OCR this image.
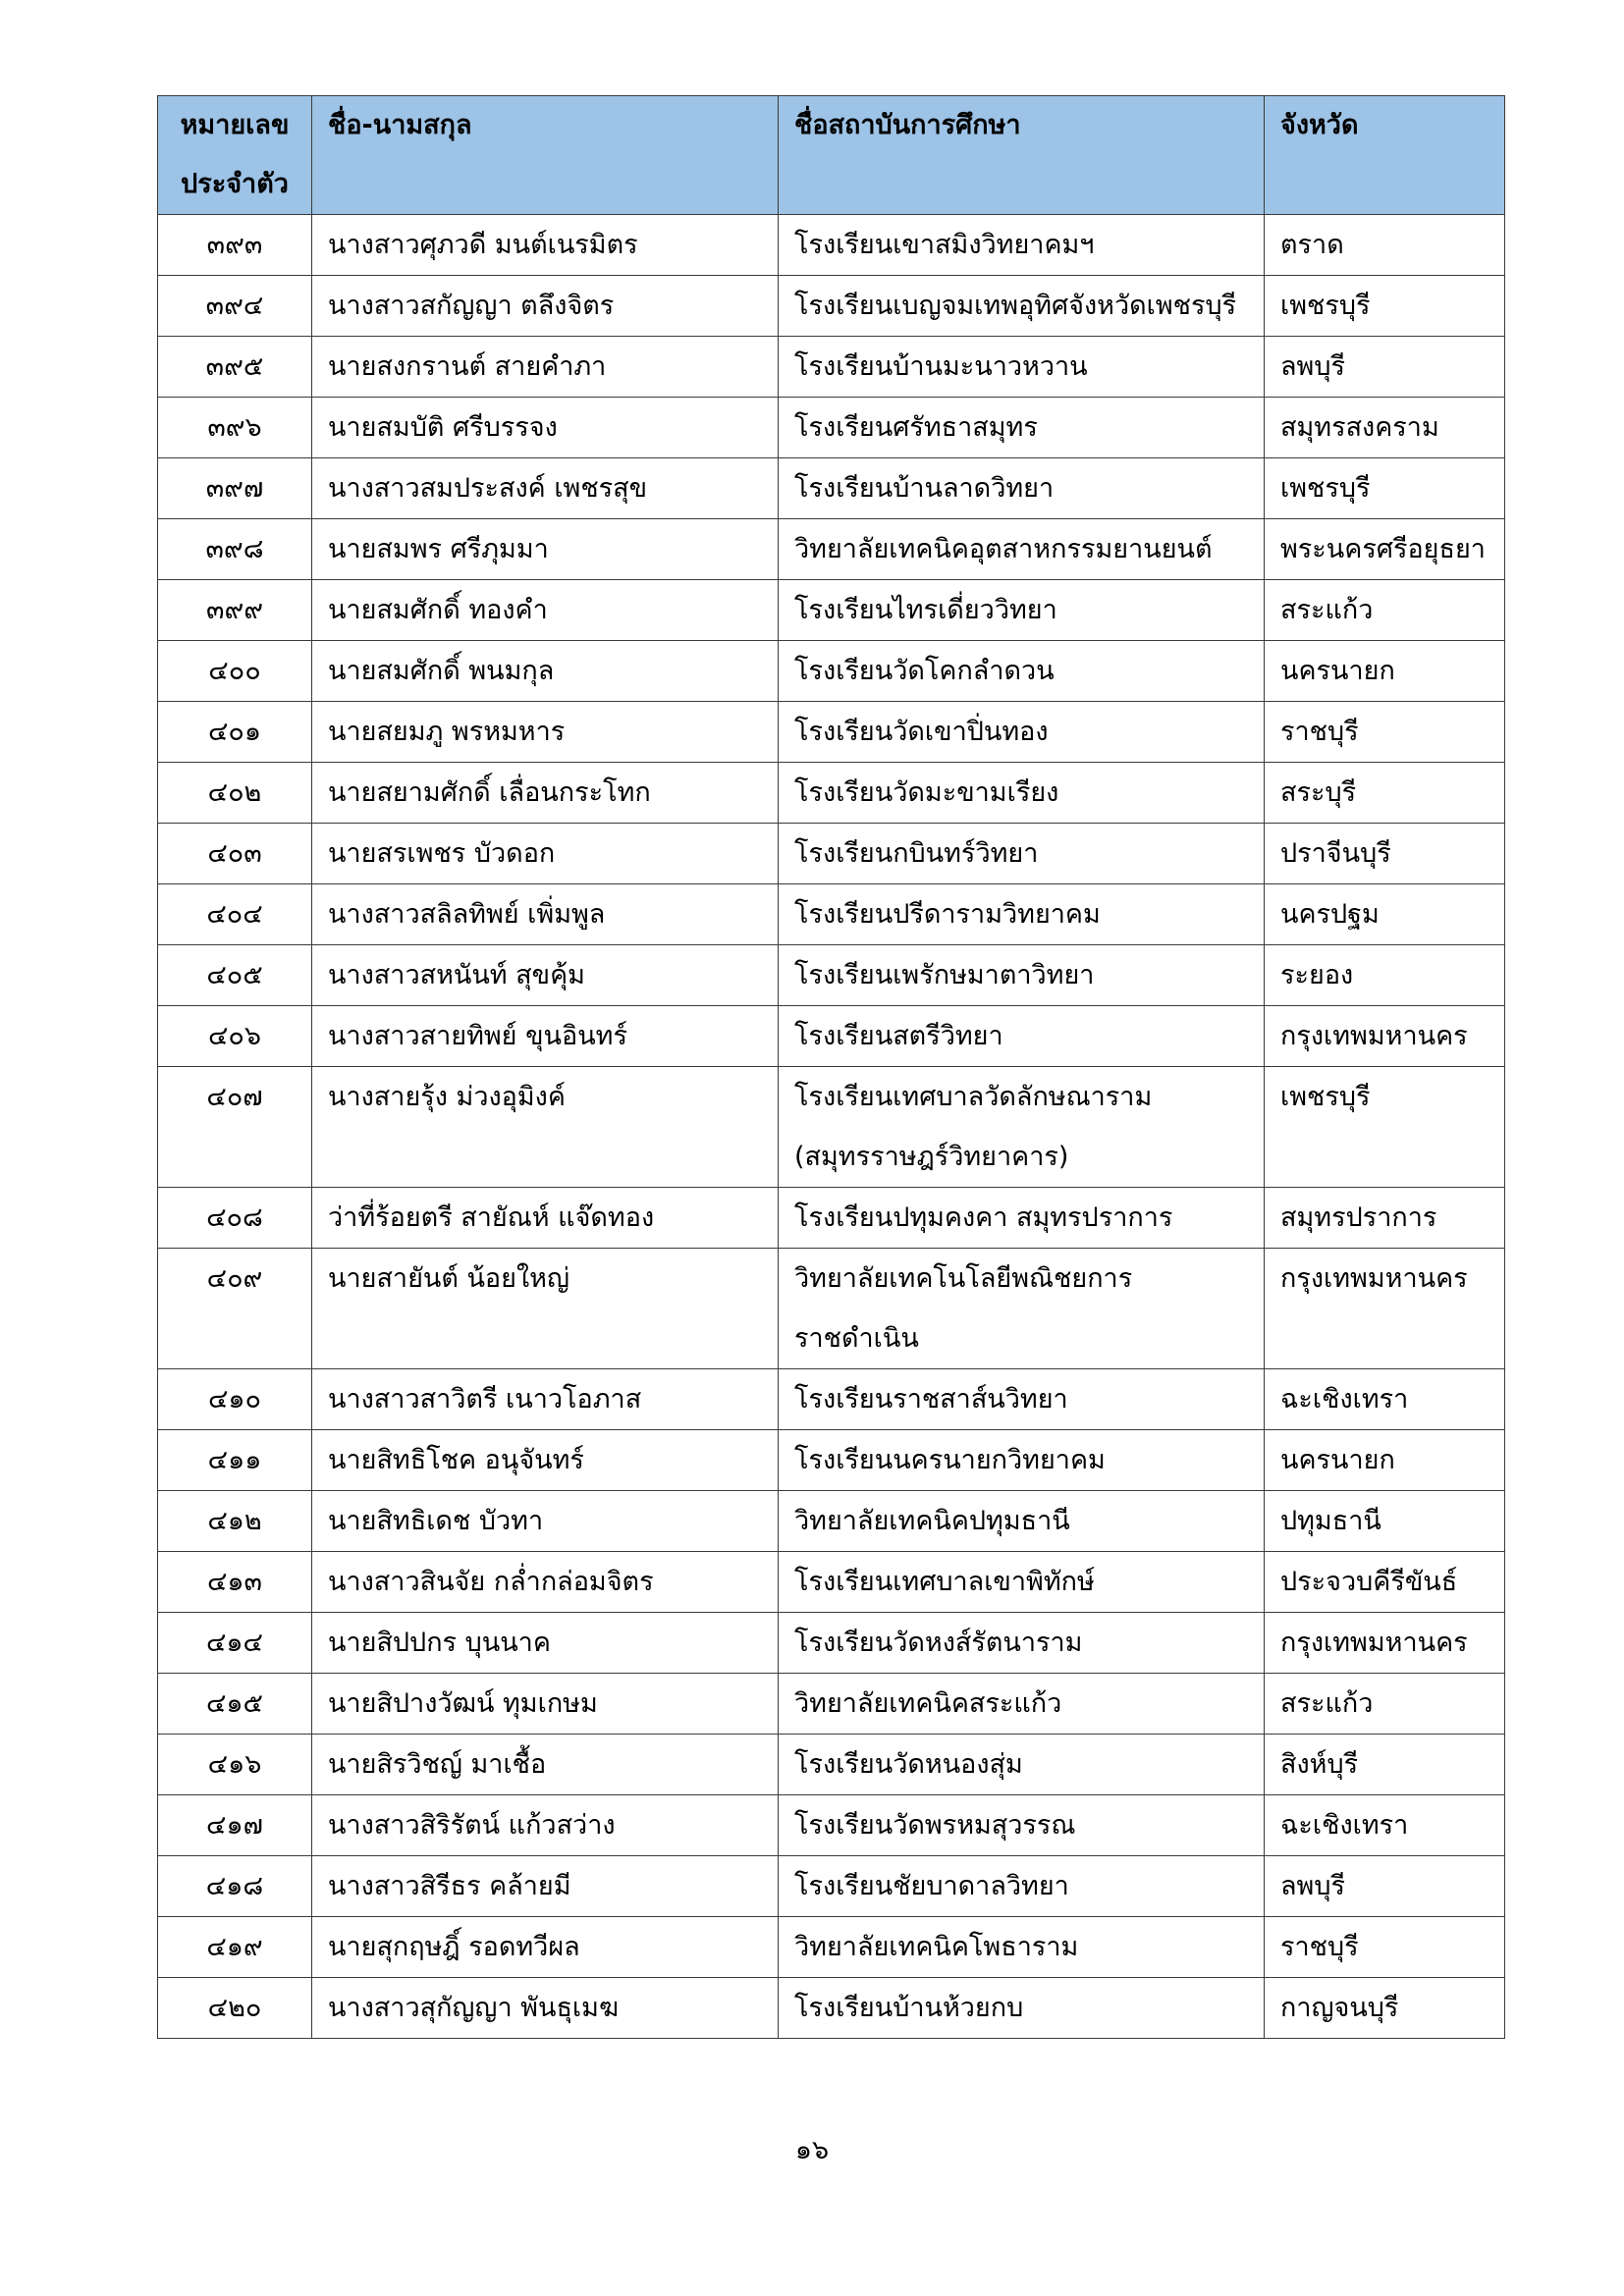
หมายเลข
ประจำตัว	ชื่อ-นามสกุล	ชื่อสถาบันการศึกษา	จังหวัด
๓๙๓	นางสาวศุภวดี มนต์เนรมิตร	โรงเรียนเขาสมิงวิทยาคมฯ	ตราด
๓๙๔	นางสาวสกัญญา ตลึงจิตร	โรงเรียนเบญจมเทพอุทิศจังหวัดเพชรบุรี	เพชรบุรี
๓๙๕	นายสงกรานต์ สายคำภา	โรงเรียนบ้านมะนาวหวาน	ลพบุรี
๓๙๖	นายสมบัติ ศรีบรรจง	โรงเรียนศรัทธาสมุทร	สมุทรสงคราม
๓๙๗	นางสาวสมประสงค์ เพชรสุข	โรงเรียนบ้านลาดวิทยา	เพชรบุรี
๓๙๘	นายสมพร ศรีภุมมา	วิทยาลัยเทคนิคอุตสาหกรรมยานยนต์	พระนครศรีอยุธยา
๓๙๙	นายสมศักดิ์ ทองคำ	โรงเรียนไทรเดี่ยววิทยา	สระแก้ว
๔๐๐	นายสมศักดิ์ พนมกุล	โรงเรียนวัดโคกลำดวน	นครนายก
๔๐๑	นายสยมภู พรหมหาร	โรงเรียนวัดเขาปิ่นทอง	ราชบุรี
๔๐๒	นายสยามศักดิ์ เลื่อนกระโทก	โรงเรียนวัดมะขามเรียง	สระบุรี
๔๐๓	นายสรเพชร บัวดอก	โรงเรียนกบินทร์วิทยา	ปราจีนบุรี
๔๐๔	นางสาวสลิลทิพย์ เพิ่มพูล	โรงเรียนปรีดารามวิทยาคม	นครปฐม
๔๐๕	นางสาวสหนันท์ สุขคุ้ม	โรงเรียนเพรักษมาตาวิทยา	ระยอง
๔๐๖	นางสาวสายทิพย์ ขุนอินทร์	โรงเรียนสตรีวิทยา	กรุงเทพมหานคร
๔๐๗	นางสายรุ้ง ม่วงอุมิงค์	โรงเรียนเทศบาลวัดลักษณาราม
(สมุทรราษฎร์วิทยาคาร)	เพชรบุรี
๔๐๘	ว่าที่ร้อยตรี สายัณห์ แจ๊ดทอง	โรงเรียนปทุมคงคา สมุทรปราการ	สมุทรปราการ
๔๐๙	นายสายันต์ น้อยใหญ่	วิทยาลัยเทคโนโลยีพณิชยการ
ราชดำเนิน	กรุงเทพมหานคร
๔๑๐	นางสาวสาวิตรี เนาวโอภาส	โรงเรียนราชสาส์นวิทยา	ฉะเชิงเทรา
๔๑๑	นายสิทธิโชค อนุจันทร์	โรงเรียนนครนายกวิทยาคม	นครนายก
๔๑๒	นายสิทธิเดช บัวทา	วิทยาลัยเทคนิคปทุมธานี	ปทุมธานี
๔๑๓	นางสาวสินจัย กล่ำกล่อมจิตร	โรงเรียนเทศบาลเขาพิทักษ์	ประจวบคีรีขันธ์
๔๑๔	นายสิปปกร บุนนาค	โรงเรียนวัดหงส์รัตนาราม	กรุงเทพมหานคร
๔๑๕	นายสิปางวัฒน์ ทุมเกษม	วิทยาลัยเทคนิคสระแก้ว	สระแก้ว
๔๑๖	นายสิรวิชญ์ มาเชื้อ	โรงเรียนวัดหนองสุ่ม	สิงห์บุรี
๔๑๗	นางสาวสิริรัตน์ แก้วสว่าง	โรงเรียนวัดพรหมสุวรรณ	ฉะเชิงเทรา
๔๑๘	นางสาวสิรีธร คล้ายมี	โรงเรียนชัยบาดาลวิทยา	ลพบุรี
๔๑๙	นายสุกฤษฎิ์ รอดทวีผล	วิทยาลัยเทคนิคโพธาราม	ราชบุรี
๔๒๐	นางสาวสุกัญญา พันธุเมฆ	โรงเรียนบ้านห้วยกบ	กาญจนบุรี
๑๖
